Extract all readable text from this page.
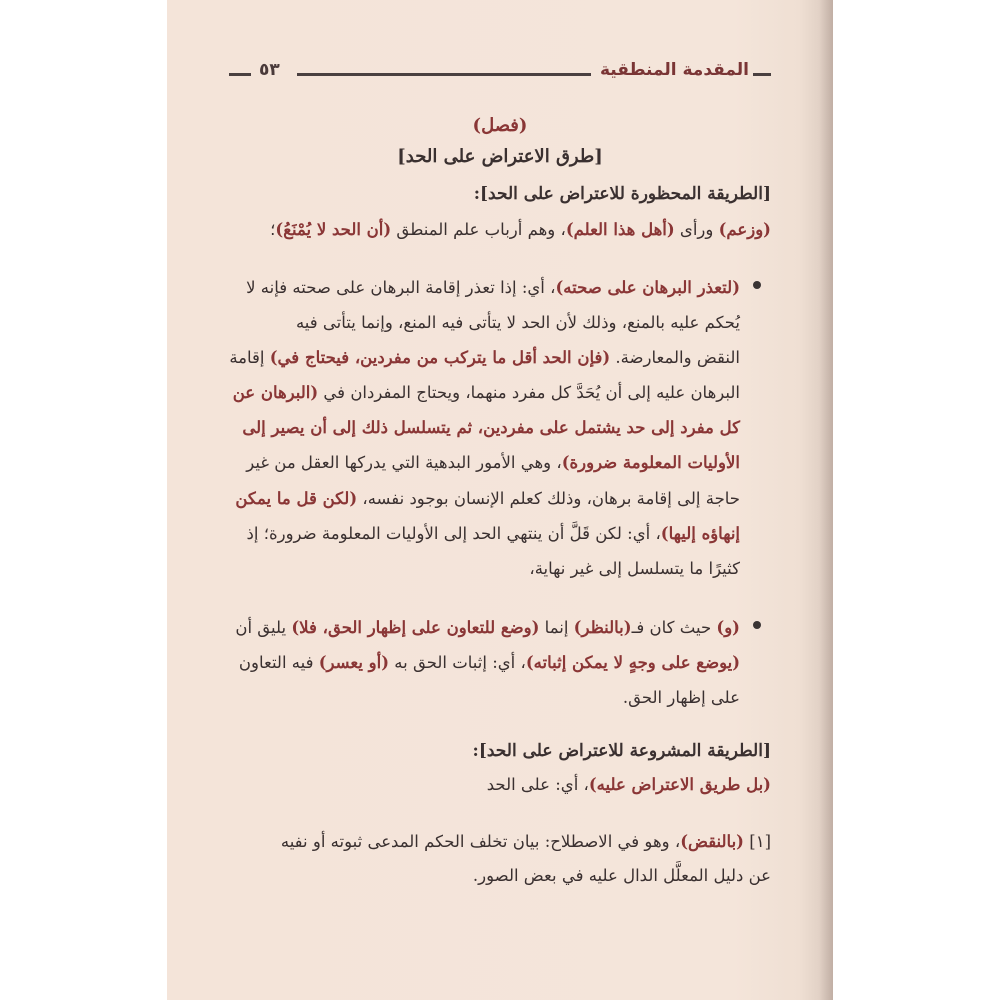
٥٣	المقدمة المنطقية
(فصل)
[طرق الاعتراض على الحد]
[الطريقة المحظورة للاعتراض على الحد]:
(وزعم) ورأى (أهل هذا العلم)، وهم أرباب علم المنطق (أن الحد لا يُمْنَعُ)؛
(لتعذر البرهان على صحته)، أي: إذا تعذر إقامة البرهان على صحته فإنه لا
يُحكم عليه بالمنع، وذلك لأن الحد لا يتأتى فيه المنع، وإنما يتأتى فيه
النقض والمعارضة. (فإن الحد أقل ما يتركب من مفردين، فيحتاج في) إقامة
البرهان عليه إلى أن يُحَدَّ كل مفرد منهما، ويحتاج المفردان في (البرهان عن
كل مفرد إلى حد يشتمل على مفردين، ثم يتسلسل ذلك إلى أن يصير إلى
الأوليات المعلومة ضرورة)، وهي الأمور البدهية التي يدركها العقل من غير
حاجة إلى إقامة برهان، وذلك كعلم الإنسان بوجود نفسه، (لكن قل ما يمكن
إنهاؤه إليها)، أي: لكن قَلَّ أن ينتهي الحد إلى الأوليات المعلومة ضرورة؛ إذ
كثيرًا ما يتسلسل إلى غير نهاية،
(و) حيث كان فـ(بالنظر) إنما (وضع للتعاون على إظهار الحق، فلا) يليق أن
(يوضع على وجهٍ لا يمكن إثباته)، أي: إثبات الحق به (أو يعسر) فيه التعاون
على إظهار الحق.
[الطريقة المشروعة للاعتراض على الحد]:
(بل طريق الاعتراض عليه)، أي: على الحد
[١] (بالنقض)، وهو في الاصطلاح: بيان تخلف الحكم المدعى ثبوته أو نفيه
عن دليل المعلَّل الدال عليه في بعض الصور.
